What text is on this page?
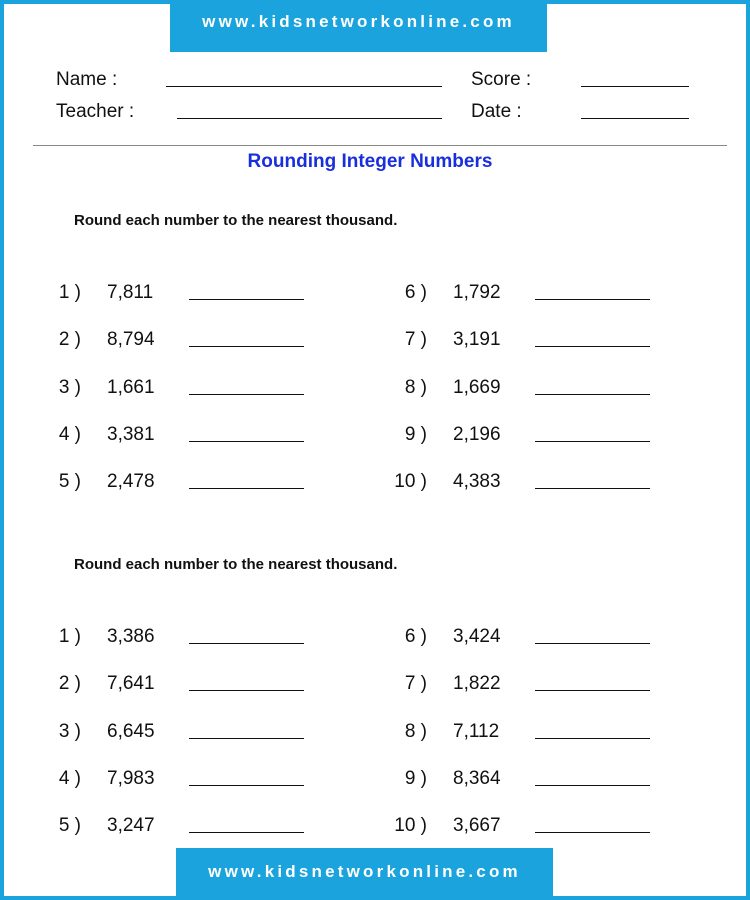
www.kidsnetworkonline.com
Name :	Score :
Teacher :	Date :
Rounding Integer Numbers
Round each number to the nearest thousand.
1 ) 7,811
2 ) 8,794
3 ) 1,661
4 ) 3,381
5 ) 2,478
6 ) 1,792
7 ) 3,191
8 ) 1,669
9 ) 2,196
10 ) 4,383
Round each number to the nearest thousand.
1 ) 3,386
2 ) 7,641
3 ) 6,645
4 ) 7,983
5 ) 3,247
6 ) 3,424
7 ) 1,822
8 ) 7,112
9 ) 8,364
10 ) 3,667
www.kidsnetworkonline.com
